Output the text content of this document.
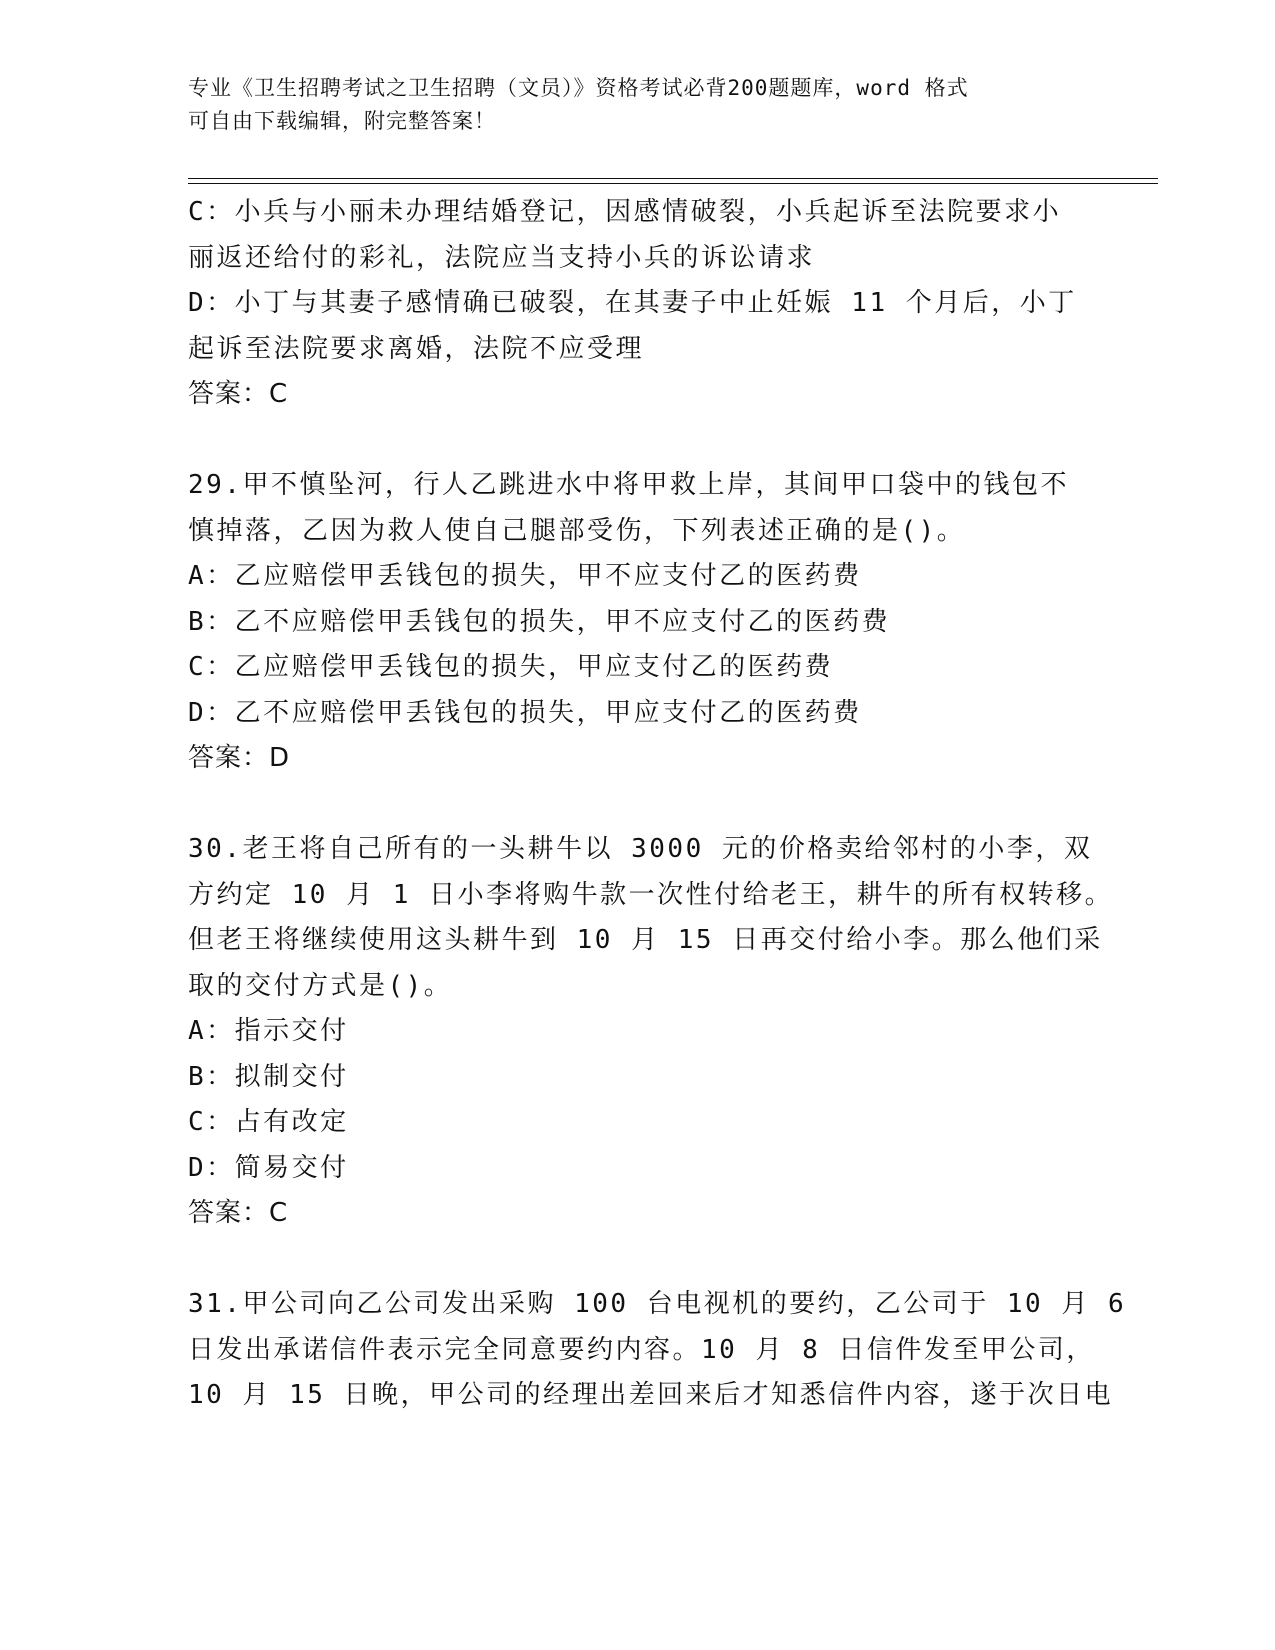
专业《卫生招聘考试之卫生招聘（文员）》资格考试必背200题题库，word 格式
可自由下载编辑，附完整答案！
C：小兵与小丽未办理结婚登记，因感情破裂，小兵起诉至法院要求小
丽返还给付的彩礼，法院应当支持小兵的诉讼请求
D：小丁与其妻子感情确已破裂，在其妻子中止妊娠 11 个月后，小丁
起诉至法院要求离婚，法院不应受理
答案：C
29.甲不慎坠河，行人乙跳进水中将甲救上岸，其间甲口袋中的钱包不
慎掉落，乙因为救人使自己腿部受伤，下列表述正确的是()。
A：乙应赔偿甲丢钱包的损失，甲不应支付乙的医药费
B：乙不应赔偿甲丢钱包的损失，甲不应支付乙的医药费
C：乙应赔偿甲丢钱包的损失，甲应支付乙的医药费
D：乙不应赔偿甲丢钱包的损失，甲应支付乙的医药费
答案：D
30.老王将自己所有的一头耕牛以 3000 元的价格卖给邻村的小李，双
方约定 10 月 1 日小李将购牛款一次性付给老王，耕牛的所有权转移。
但老王将继续使用这头耕牛到 10 月 15 日再交付给小李。那么他们采
取的交付方式是()。
A：指示交付
B：拟制交付
C：占有改定
D：简易交付
答案：C
31.甲公司向乙公司发出采购 100 台电视机的要约，乙公司于 10 月 6
日发出承诺信件表示完全同意要约内容。10 月 8 日信件发至甲公司，
10 月 15 日晚，甲公司的经理出差回来后才知悉信件内容，遂于次日电
